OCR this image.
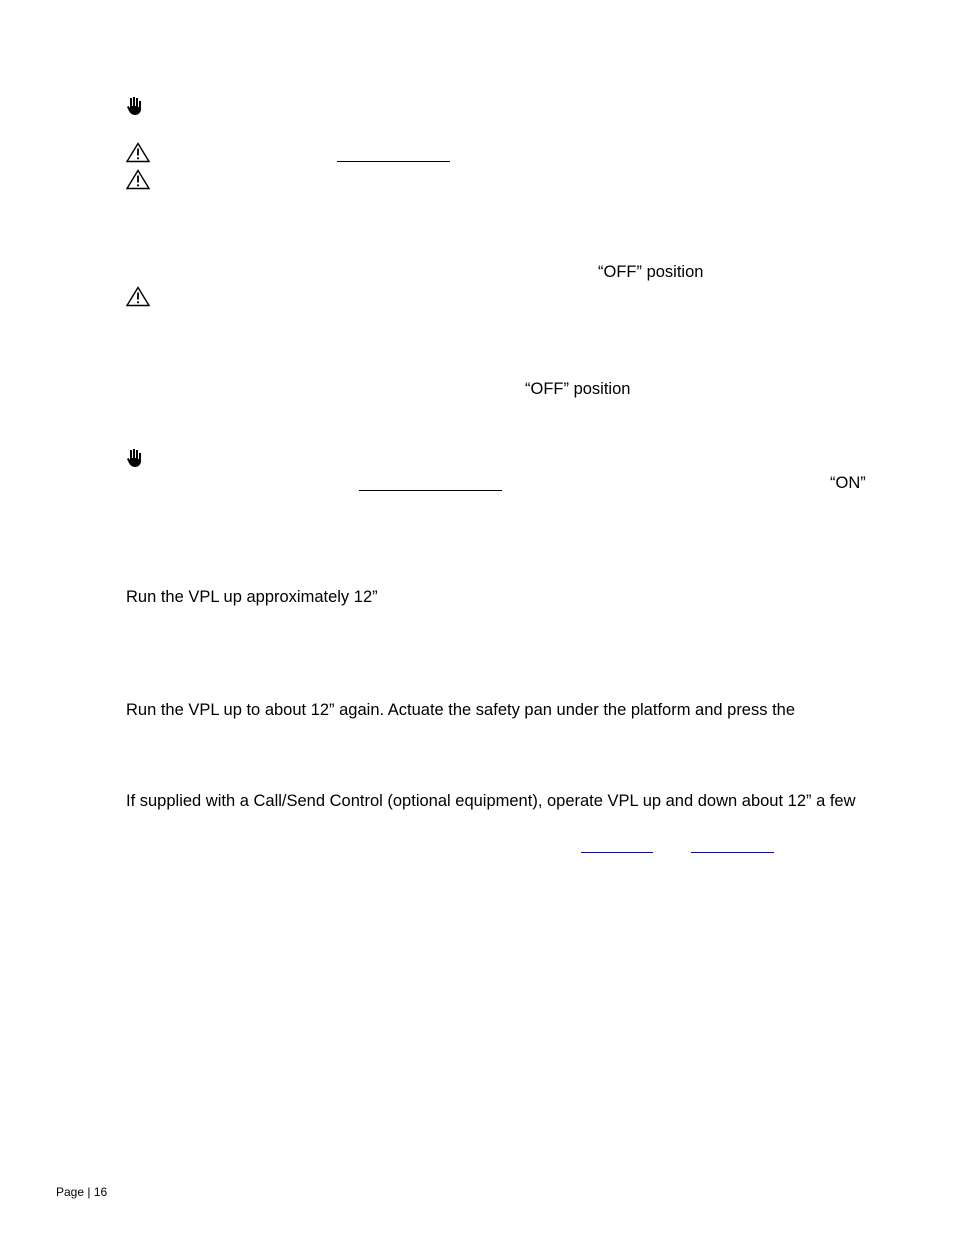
“OFF” position
“OFF” position
“ON”
Run the VPL up approximately 12”
Run the VPL up to about 12” again. Actuate the safety pan under the platform and press the
If supplied with a Call/Send Control (optional equipment), operate VPL up and down about 12” a few
Page | 16
